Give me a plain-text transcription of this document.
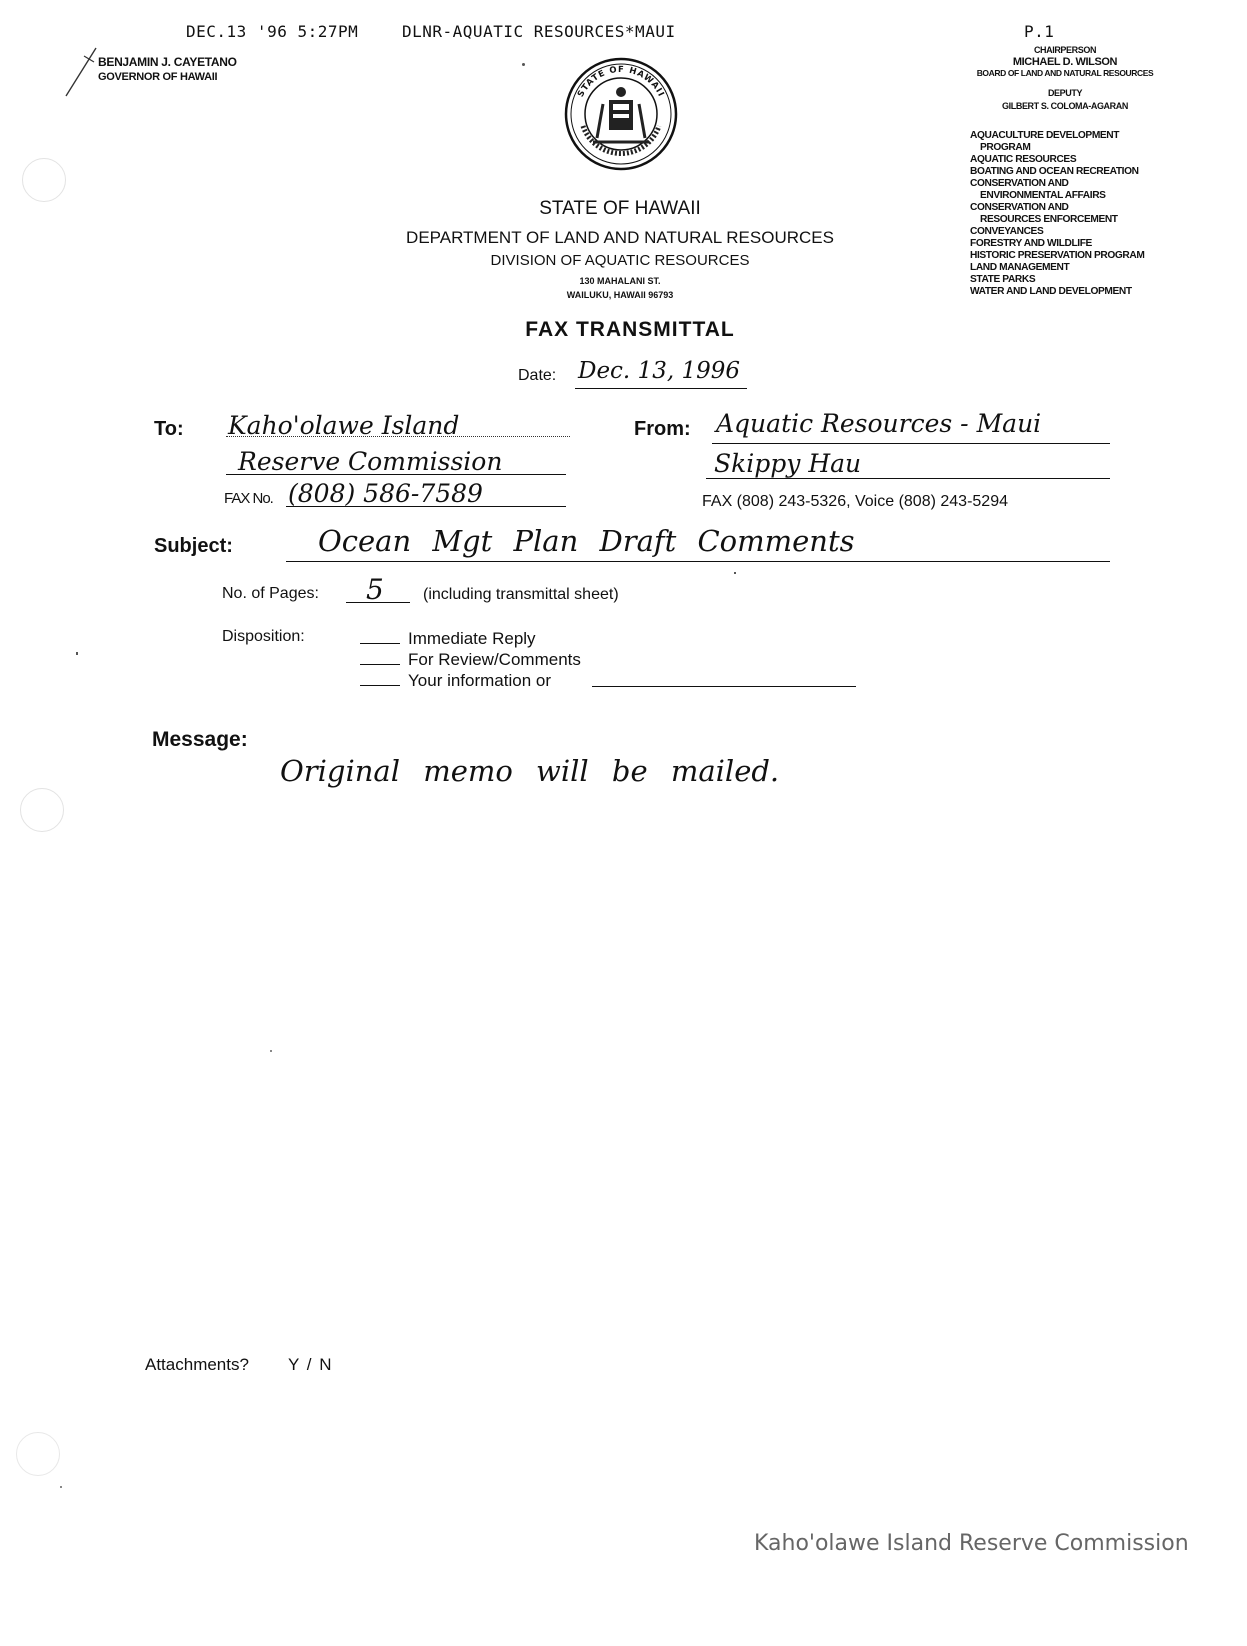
DEC.13 '96 5:27PM	DLNR-AQUATIC RESOURCES*MAUI	P.1
BENJAMIN J. CAYETANO
GOVERNOR OF HAWAII
STATE OF HAWAII
1959
CHAIRPERSON
MICHAEL D. WILSON
BOARD OF LAND AND NATURAL RESOURCES
DEPUTY
GILBERT S. COLOMA-AGARAN
AQUACULTURE DEVELOPMENT
PROGRAM
AQUATIC RESOURCES
BOATING AND OCEAN RECREATION
CONSERVATION AND
ENVIRONMENTAL AFFAIRS
CONSERVATION AND
RESOURCES ENFORCEMENT
CONVEYANCES
FORESTRY AND WILDLIFE
HISTORIC PRESERVATION PROGRAM
LAND MANAGEMENT
STATE PARKS
WATER AND LAND DEVELOPMENT
STATE OF HAWAII
DEPARTMENT OF LAND AND NATURAL RESOURCES
DIVISION OF AQUATIC RESOURCES
130 MAHALANI ST.
WAILUKU, HAWAII 96793
FAX TRANSMITTAL
Date: Dec. 13, 1996
To: Kaho'olawe Island
Reserve Commission
FAX No. (808) 586-7589
From: Aquatic Resources - Maui
Skippy Hau
FAX (808) 243-5326, Voice (808) 243-5294
Subject:	Ocean Mgt Plan Draft Comments
No. of Pages: 5 (including transmittal sheet)
Disposition:	Immediate Reply
For Review/Comments
Your information or
Message:
Original memo will be mailed.
Attachments? Y / N
Kaho'olawe Island Reserve Commission
